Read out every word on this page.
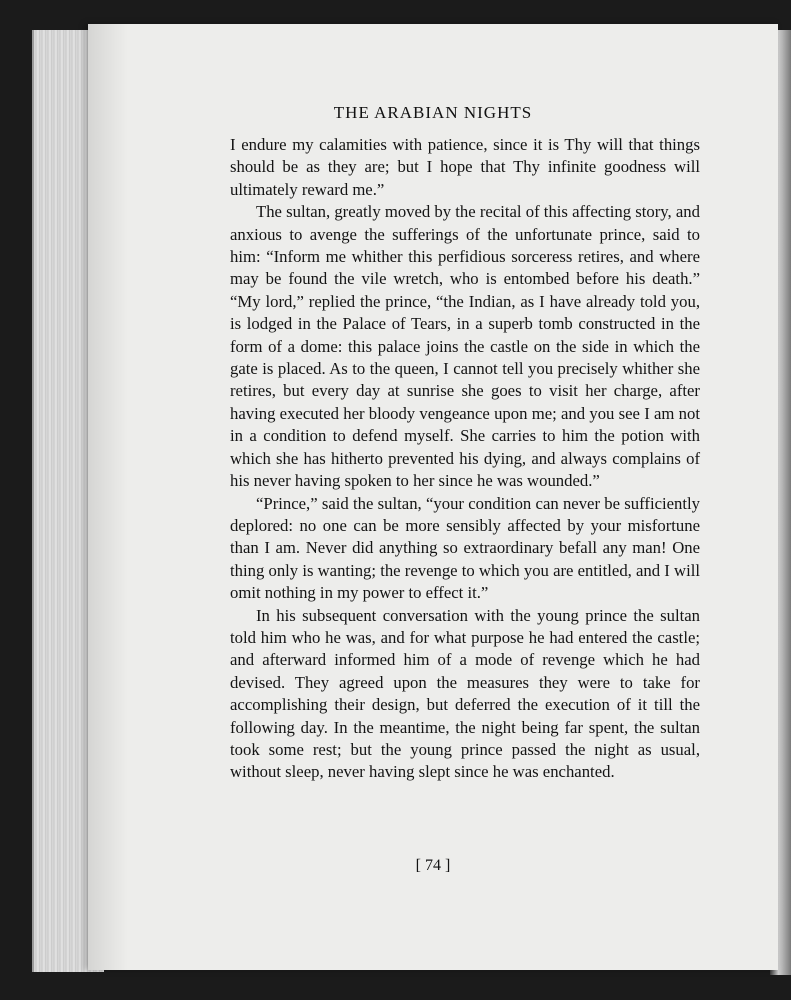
THE ARABIAN NIGHTS

I endure my calamities with patience, since it is Thy will that things should be as they are; but I hope that Thy infinite goodness will ultimately reward me.”

The sultan, greatly moved by the recital of this affecting story, and anxious to avenge the sufferings of the unfortunate prince, said to him: “Inform me whither this perfidious sorceress retires, and where may be found the vile wretch, who is entombed before his death.” “My lord,” replied the prince, “the Indian, as I have already told you, is lodged in the Palace of Tears, in a superb tomb constructed in the form of a dome: this palace joins the castle on the side in which the gate is placed. As to the queen, I cannot tell you precisely whither she retires, but every day at sunrise she goes to visit her charge, after having executed her bloody vengeance upon me; and you see I am not in a condition to defend myself. She carries to him the potion with which she has hitherto prevented his dying, and always complains of his never having spoken to her since he was wounded.”

“Prince,” said the sultan, “your condition can never be sufficiently deplored: no one can be more sensibly affected by your misfortune than I am. Never did anything so extraordinary befall any man! One thing only is wanting; the revenge to which you are entitled, and I will omit nothing in my power to effect it.”

In his subsequent conversation with the young prince the sultan told him who he was, and for what purpose he had entered the castle; and afterward informed him of a mode of revenge which he had devised. They agreed upon the measures they were to take for accomplishing their design, but deferred the execution of it till the following day. In the meantime, the night being far spent, the sultan took some rest; but the young prince passed the night as usual, without sleep, never having slept since he was enchanted.

[ 74 ]
